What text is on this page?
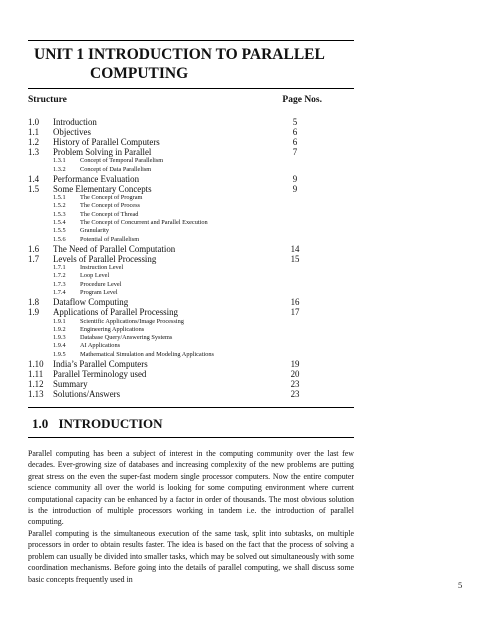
UNIT 1 INTRODUCTION TO PARALLEL
COMPUTING
Structure	Page Nos.
1.0 Introduction	5
1.1 Objectives	6
1.2 History of Parallel Computers	6
1.3 Problem Solving in Parallel	7
1.3.1 Concept of Temporal Parallelism
1.3.2 Concept of Data Parallelism
1.4 Performance Evaluation	9
1.5 Some Elementary Concepts	9
1.5.1 The Concept of Program
1.5.2 The Concept of Process
1.5.3 The Concept of Thread
1.5.4 The Concept of Concurrent and Parallel Execution
1.5.5 Granularity
1.5.6 Potential of Parallelism
1.6 The Need of Parallel Computation	14
1.7 Levels of Parallel Processing	15
1.7.1 Instruction Level
1.7.2 Loop Level
1.7.3 Procedure Level
1.7.4 Program Level
1.8 Dataflow Computing	16
1.9 Applications of Parallel Processing	17
1.9.1 Scientific Applications/Image Processing
1.9.2 Engineering Applications
1.9.3 Database Query/Answering Systems
1.9.4 AI Applications
1.9.5 Mathematical Simulation and Modeling Applications
1.10 India’s Parallel Computers	19
1.11 Parallel Terminology used	20
1.12 Summary	23
1.13 Solutions/Answers	23
1.0 INTRODUCTION

Parallel computing has been a subject of interest in the computing community over the last few decades. Ever-growing size of databases and increasing complexity of the new problems are putting great stress on the even the super-fast modern single processor computers. Now the entire computer science community all over the world is looking for some computing environment where current computational capacity can be enhanced by a factor in order of thousands. The most obvious solution is the introduction of multiple processors working in tandem i.e. the introduction of parallel computing.

Parallel computing is the simultaneous execution of the same task, split into subtasks, on multiple processors in order to obtain results faster. The idea is based on the fact that the process of solving a problem can usually be divided into smaller tasks, which may be solved out simultaneously with some coordination mechanisms. Before going into the details of parallel computing, we shall discuss some basic concepts frequently used in

5
